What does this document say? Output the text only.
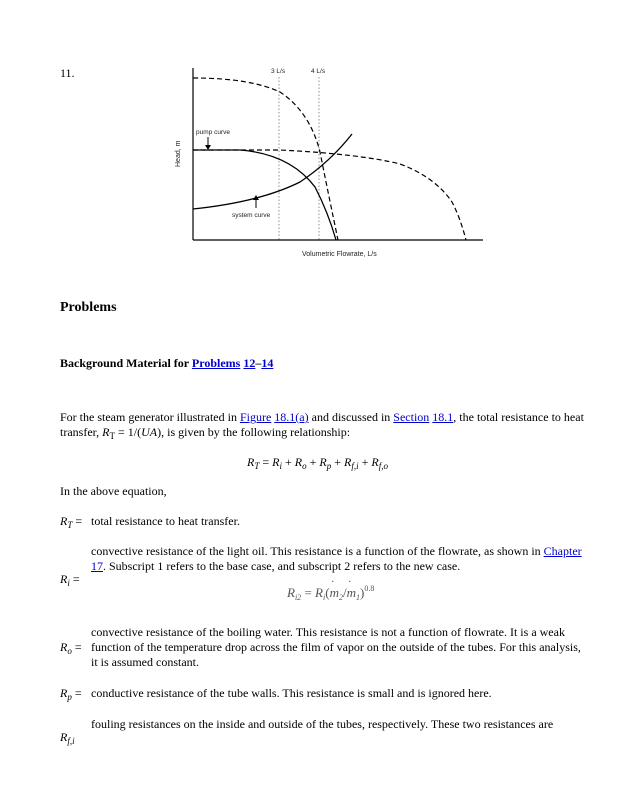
11.	3 L/s	4 L/s
Head, m
Volumetric Flowrate, L/s
pump curve
system curve
Problems
Background Material for Problems 12–14
For the steam generator illustrated in Figure 18.1(a) and discussed in Section 18.1, the total resistance to heat transfer, $R_T = 1/(UA)$, is given by the following relationship:
$R_T = R_i + R_o + R_p + R_{f,i} + R_{f,o}$
In the above equation,
$R_T$ = total resistance to heat transfer.
$R_i$ =
convective resistance of the light oil. This resistance is a function of the flowrate, as shown in Chapter 17. Subscript 1 refers to the base case, and subscript 2 refers to the new case.
$R_{i2}$ = $R_i(˙$ $m_2/˙$ $m_1)^{0.8}$
$R_o$ =
convective resistance of the boiling water. This resistance is not a function of flowrate. It is a weak function of the temperature drop across the film of vapor on the outside of the tubes. For this analysis, it is assumed constant.
$R_p$ = conductive resistance of the tube walls. This resistance is small and is ignored here.
$R_{f,i}$
fouling resistances on the inside and outside of the tubes, respectively. These two resistances are
